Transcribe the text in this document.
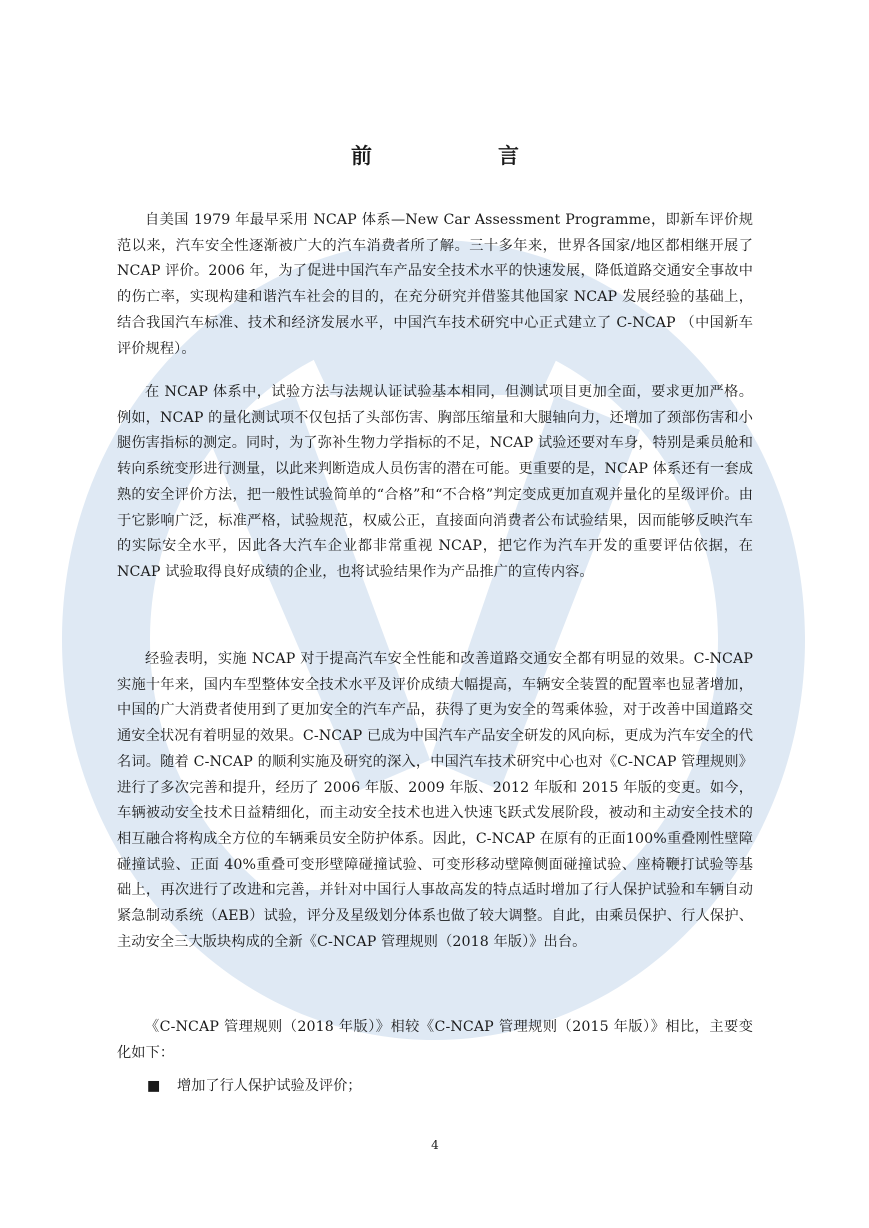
前　　言

自美国 1979 年最早采用 NCAP 体系—New Car Assessment Programme，即新车评价规范以来，汽车安全性逐渐被广大的汽车消费者所了解。三十多年来，世界各国家/地区都相继开展了 NCAP 评价。2006 年，为了促进中国汽车产品安全技术水平的快速发展，降低道路交通安全事故中的伤亡率，实现构建和谐汽车社会的目的，在充分研究并借鉴其他国家 NCAP 发展经验的基础上，结合我国汽车标准、技术和经济发展水平，中国汽车技术研究中心正式建立了 C-NCAP （中国新车评价规程）。

在 NCAP 体系中，试验方法与法规认证试验基本相同，但测试项目更加全面，要求更加严格。例如，NCAP 的量化测试项不仅包括了头部伤害、胸部压缩量和大腿轴向力，还增加了颈部伤害和小腿伤害指标的测定。同时，为了弥补生物力学指标的不足，NCAP 试验还要对车身，特别是乘员舱和转向系统变形进行测量，以此来判断造成人员伤害的潜在可能。更重要的是，NCAP 体系还有一套成熟的安全评价方法，把一般性试验简单的“合格”和“不合格”判定变成更加直观并量化的星级评价。由于它影响广泛，标准严格，试验规范，权威公正，直接面向消费者公布试验结果，因而能够反映汽车的实际安全水平，因此各大汽车企业都非常重视 NCAP，把它作为汽车开发的重要评估依据，在 NCAP 试验取得良好成绩的企业，也将试验结果作为产品推广的宣传内容。

经验表明，实施 NCAP 对于提高汽车安全性能和改善道路交通安全都有明显的效果。C-NCAP 实施十年来，国内车型整体安全技术水平及评价成绩大幅提高，车辆安全装置的配置率也显著增加，中国的广大消费者使用到了更加安全的汽车产品，获得了更为安全的驾乘体验，对于改善中国道路交通安全状况有着明显的效果。C-NCAP 已成为中国汽车产品安全研发的风向标，更成为汽车安全的代名词。随着 C-NCAP 的顺利实施及研究的深入，中国汽车技术研究中心也对《C-NCAP 管理规则》进行了多次完善和提升，经历了 2006 年版、2009 年版、2012 年版和 2015 年版的变更。如今，车辆被动安全技术日益精细化，而主动安全技术也进入快速飞跃式发展阶段，被动和主动安全技术的相互融合将构成全方位的车辆乘员安全防护体系。因此，C-NCAP 在原有的正面100%重叠刚性壁障碰撞试验、正面 40%重叠可变形壁障碰撞试验、可变形移动壁障侧面碰撞试验、座椅鞭打试验等基础上，再次进行了改进和完善，并针对中国行人事故高发的特点适时增加了行人保护试验和车辆自动紧急制动系统（AEB）试验，评分及星级划分体系也做了较大调整。自此，由乘员保护、行人保护、主动安全三大版块构成的全新《C-NCAP 管理规则（2018 年版）》出台。

《C-NCAP 管理规则（2018 年版）》相较《C-NCAP 管理规则（2015 年版）》相比，主要变化如下：

■ 增加了行人保护试验及评价；
4
